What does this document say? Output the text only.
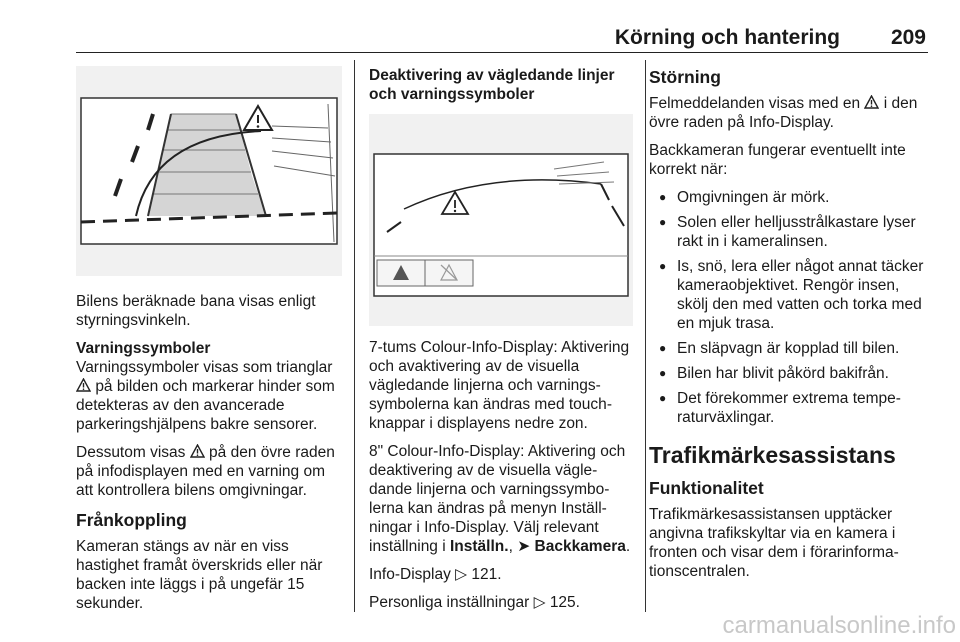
Körning och hantering 209

Bilens beräknade bana visas enligt styrningsvinkeln.

Varningssymboler

Varningssymboler visas som trianglar  på bilden och markerar hinder som detekteras av den avancerade parkeringshjälpens bakre sensorer.

Dessutom visas på den övre raden på infodisplayen med en varning om att kontrollera bilens omgivningar.

Frånkoppling

Kameran stängs av när en viss hastighet framåt överskrids eller när backen inte läggs i på ungefär 15 sekunder.

Deaktivering av vägledande linjer och varningssymboler

7-tums Colour-Info-Display: Aktivering och avaktivering av de visuella vägledande linjerna och varningssymbolerna kan ändras med touchknappar i displayens nedre zon.

8" Colour-Info-Display: Aktivering och deaktivering av de visuella vägledande linjerna och varningssymbolerna kan ändras på menyn Inställningar i Info-Display. Välj relevant inställning i Inställn., ➤ Backkamera.

Info-Display ▷ 121.

Personliga inställningar ▷ 125.

Störning

Felmeddelanden visas med en i den övre raden på Info-Display.

Backkameran fungerar eventuellt inte korrekt när:

● Omgivningen är mörk.
● Solen eller helljusstrålkastare lyser rakt in i kameralinsen.
● Is, snö, lera eller något annat täcker kameraobjektivet. Rengör insen, skölj den med vatten och torka med en mjuk trasa.
● En släpvagn är kopplad till bilen.
● Bilen har blivit påkörd bakifrån.
● Det förekommer extrema temperaturväxlingar.
Trafikmärkesassistans
Funktionalitet

Trafikmärkesassistansen upptäcker angivna trafikskyltar via en kamera i fronten och visar dem i förarinformationscentralen.

carmanualsonline.info
